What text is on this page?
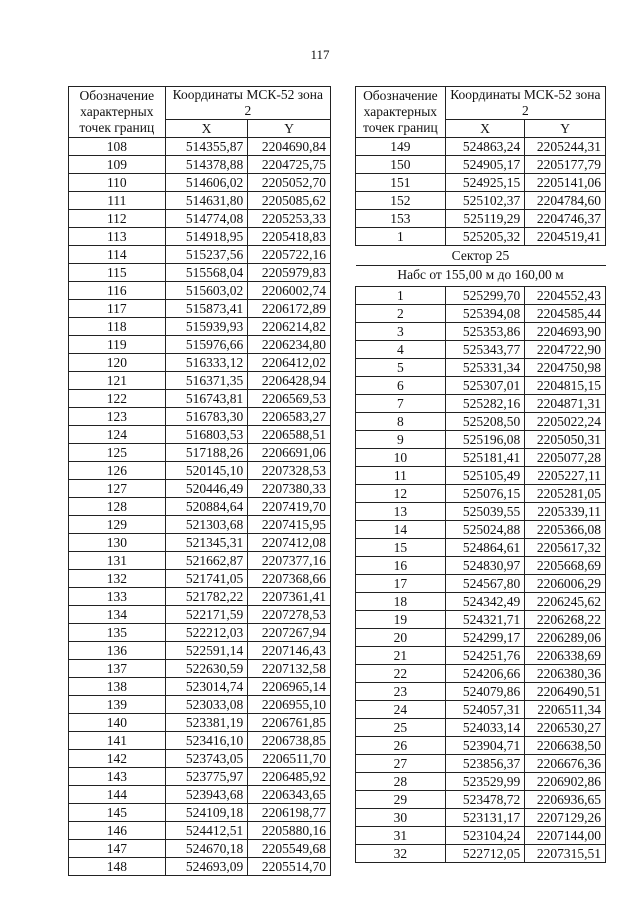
117
Обозначение характерных точек границ	Координаты МСК-52 зона 2	
	X	Y
108	514355,87	2204690,84
109	514378,88	2204725,75
110	514606,02	2205052,70
111	514631,80	2205085,62
112	514774,08	2205253,33
113	514918,95	2205418,83
114	515237,56	2205722,16
115	515568,04	2205979,83
116	515603,02	2206002,74
117	515873,41	2206172,89
118	515939,93	2206214,82
119	515976,66	2206234,80
120	516333,12	2206412,02
121	516371,35	2206428,94
122	516743,81	2206569,53
123	516783,30	2206583,27
124	516803,53	2206588,51
125	517188,26	2206691,06
126	520145,10	2207328,53
127	520446,49	2207380,33
128	520884,64	2207419,70
129	521303,68	2207415,95
130	521345,31	2207412,08
131	521662,87	2207377,16
132	521741,05	2207368,66
133	521782,22	2207361,41
134	522171,59	2207278,53
135	522212,03	2207267,94
136	522591,14	2207146,43
137	522630,59	2207132,58
138	523014,74	2206965,14
139	523033,08	2206955,10
140	523381,19	2206761,85
141	523416,10	2206738,85
142	523743,05	2206511,70
143	523775,97	2206485,92
144	523943,68	2206343,65
145	524109,18	2206198,77
146	524412,51	2205880,16
147	524670,18	2205549,68
148	524693,09	2205514,70
Обозначение характерных точек границ	Координаты МСК-52 зона 2	
	X	Y
149	524863,24	2205244,31
150	524905,17	2205177,79
151	524925,15	2205141,06
152	525102,37	2204784,60
153	525119,29	2204746,37
1	525205,32	2204519,41
Сектор 25		
Набс от 155,00 м до 160,00 м		
1	525299,70	2204552,43
2	525394,08	2204585,44
3	525353,86	2204693,90
4	525343,77	2204722,90
5	525331,34	2204750,98
6	525307,01	2204815,15
7	525282,16	2204871,31
8	525208,50	2205022,24
9	525196,08	2205050,31
10	525181,41	2205077,28
11	525105,49	2205227,11
12	525076,15	2205281,05
13	525039,55	2205339,11
14	525024,88	2205366,08
15	524864,61	2205617,32
16	524830,97	2205668,69
17	524567,80	2206006,29
18	524342,49	2206245,62
19	524321,71	2206268,22
20	524299,17	2206289,06
21	524251,76	2206338,69
22	524206,66	2206380,36
23	524079,86	2206490,51
24	524057,31	2206511,34
25	524033,14	2206530,27
26	523904,71	2206638,50
27	523856,37	2206676,36
28	523529,99	2206902,86
29	523478,72	2206936,65
30	523131,17	2207129,26
31	523104,24	2207144,00
32	522712,05	2207315,51
